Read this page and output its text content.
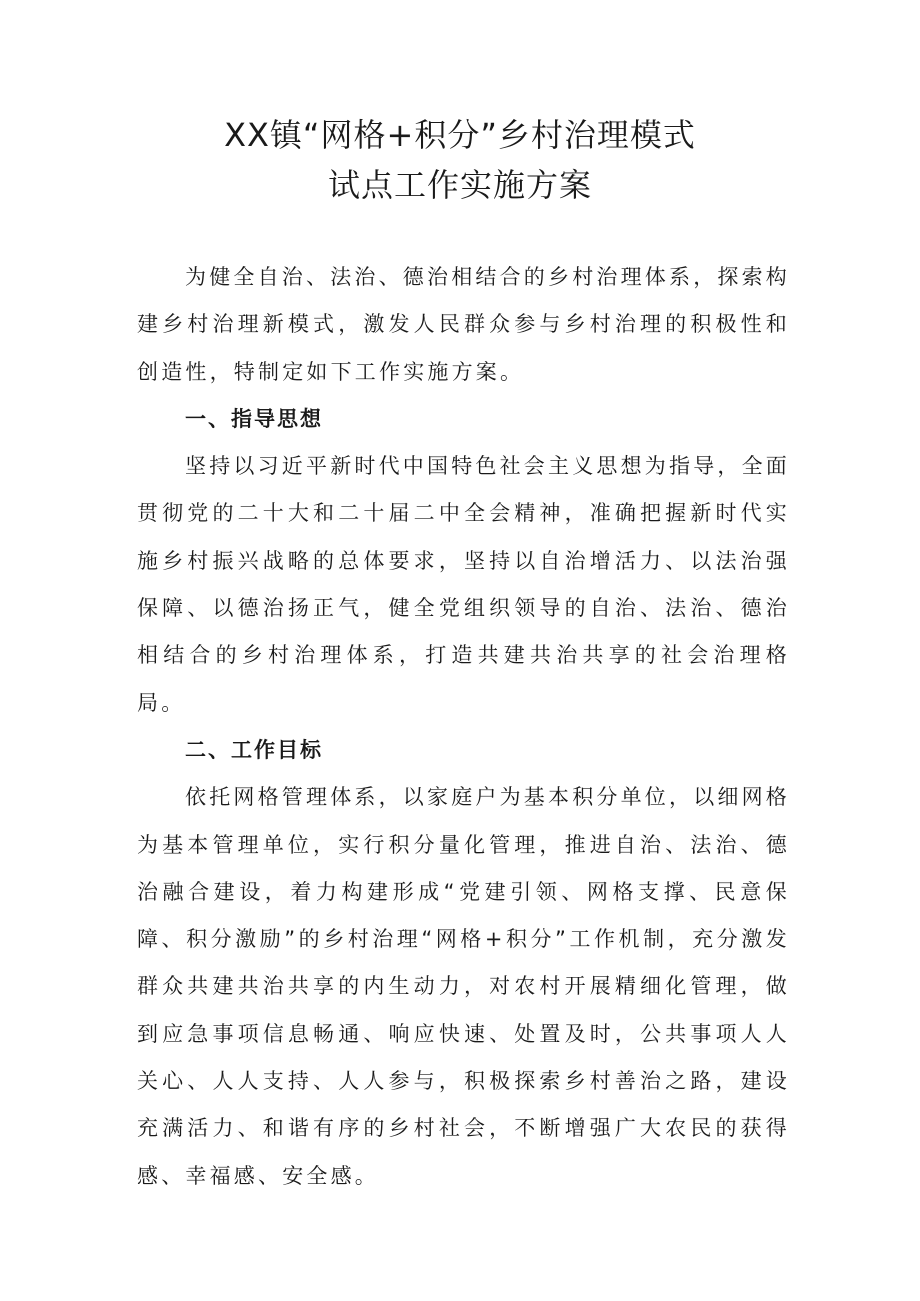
XX镇“网格+积分”乡村治理模式
试点工作实施方案

为健全自治、法治、德治相结合的乡村治理体系，探索构建乡村治理新模式，激发人民群众参与乡村治理的积极性和创造性，特制定如下工作实施方案。

一、指导思想

坚持以习近平新时代中国特色社会主义思想为指导，全面贯彻党的二十大和二十届二中全会精神，准确把握新时代实施乡村振兴战略的总体要求，坚持以自治增活力、以法治强保障、以德治扬正气，健全党组织领导的自治、法治、德治相结合的乡村治理体系，打造共建共治共享的社会治理格局。

二、工作目标

依托网格管理体系，以家庭户为基本积分单位，以细网格为基本管理单位，实行积分量化管理，推进自治、法治、德治融合建设，着力构建形成“党建引领、网格支撑、民意保障、积分激励”的乡村治理“网格+积分”工作机制，充分激发群众共建共治共享的内生动力，对农村开展精细化管理，做到应急事项信息畅通、响应快速、处置及时，公共事项人人关心、人人支持、人人参与，积极探索乡村善治之路，建设充满活力、和谐有序的乡村社会，不断增强广大农民的获得感、幸福感、安全感。
